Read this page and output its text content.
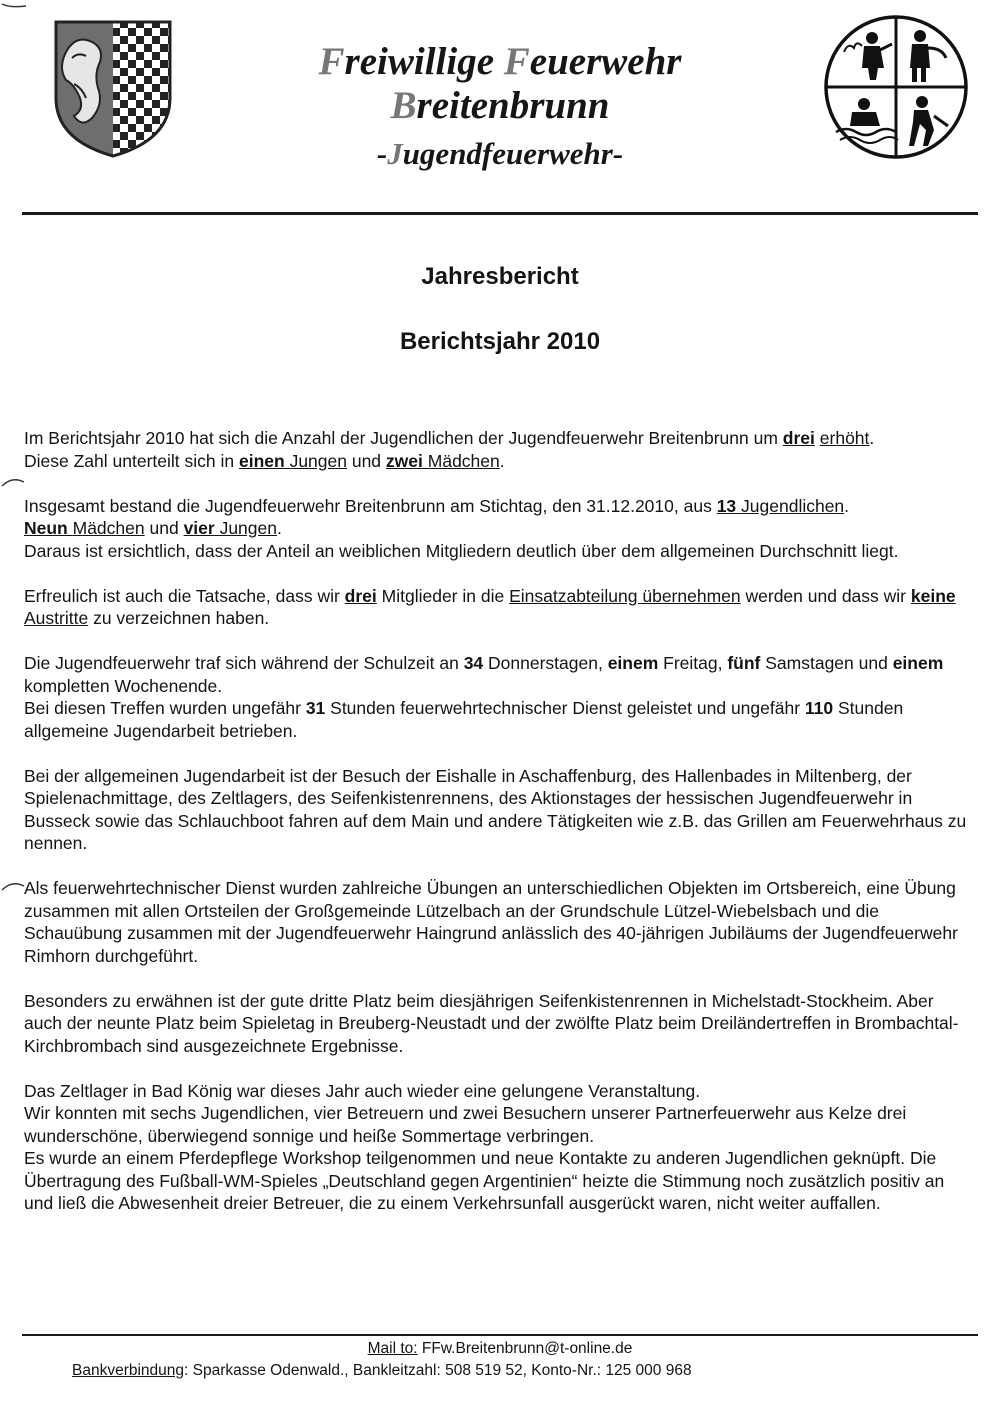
Freiwillige Feuerwehr
Breitenbrunn
-Jugendfeuerwehr-
Jahresbericht
Berichtsjahr 2010

Im Berichtsjahr 2010 hat sich die Anzahl der Jugendlichen der Jugendfeuerwehr Breitenbrunn um drei erhöht.
Diese Zahl unterteilt sich in einen Jungen und zwei Mädchen.

Insgesamt bestand die Jugendfeuerwehr Breitenbrunn am Stichtag, den 31.12.2010, aus 13 Jugendlichen.
Neun Mädchen und vier Jungen.
Daraus ist ersichtlich, dass der Anteil an weiblichen Mitgliedern deutlich über dem allgemeinen Durchschnitt liegt.

Erfreulich ist auch die Tatsache, dass wir drei Mitglieder in die Einsatzabteilung übernehmen werden und dass wir keine Austritte zu verzeichnen haben.

Die Jugendfeuerwehr traf sich während der Schulzeit an 34 Donnerstagen, einem Freitag, fünf Samstagen und einem kompletten Wochenende.
Bei diesen Treffen wurden ungefähr 31 Stunden feuerwehrtechnischer Dienst geleistet und ungefähr 110 Stunden allgemeine Jugendarbeit betrieben.

Bei der allgemeinen Jugendarbeit ist der Besuch der Eishalle in Aschaffenburg, des Hallenbades in Miltenberg, der Spielenachmittage, des Zeltlagers, des Seifenkistenrennens, des Aktionstages der hessischen Jugendfeuerwehr in Busseck sowie das Schlauchboot fahren auf dem Main und andere Tätigkeiten wie z.B. das Grillen am Feuerwehrhaus zu nennen.

Als feuerwehrtechnischer Dienst wurden zahlreiche Übungen an unterschiedlichen Objekten im Ortsbereich, eine Übung zusammen mit allen Ortsteilen der Großgemeinde Lützelbach an der Grundschule Lützel-Wiebelsbach und die Schauübung zusammen mit der Jugendfeuerwehr Haingrund anlässlich des 40-jährigen Jubiläums der Jugendfeuerwehr Rimhorn durchgeführt.

Besonders zu erwähnen ist der gute dritte Platz beim diesjährigen Seifenkistenrennen in Michelstadt-Stockheim. Aber auch der neunte Platz beim Spieletag in Breuberg-Neustadt und der zwölfte Platz beim Dreiländertreffen in Brombachtal-Kirchbrombach sind ausgezeichnete Ergebnisse.

Das Zeltlager in Bad König war dieses Jahr auch wieder eine gelungene Veranstaltung.
Wir konnten mit sechs Jugendlichen, vier Betreuern und zwei Besuchern unserer Partnerfeuerwehr aus Kelze drei wunderschöne, überwiegend sonnige und heiße Sommertage verbringen.
Es wurde an einem Pferdepflege Workshop teilgenommen und neue Kontakte zu anderen Jugendlichen geknüpft. Die Übertragung des Fußball-WM-Spieles „Deutschland gegen Argentinien“ heizte die Stimmung noch zusätzlich positiv an und ließ die Abwesenheit dreier Betreuer, die zu einem Verkehrsunfall ausgerückt waren, nicht weiter auffallen.

Mail to: FFw.Breitenbrunn@t-online.de
Bankverbindung: Sparkasse Odenwald., Bankleitzahl: 508 519 52, Konto-Nr.: 125 000 968
